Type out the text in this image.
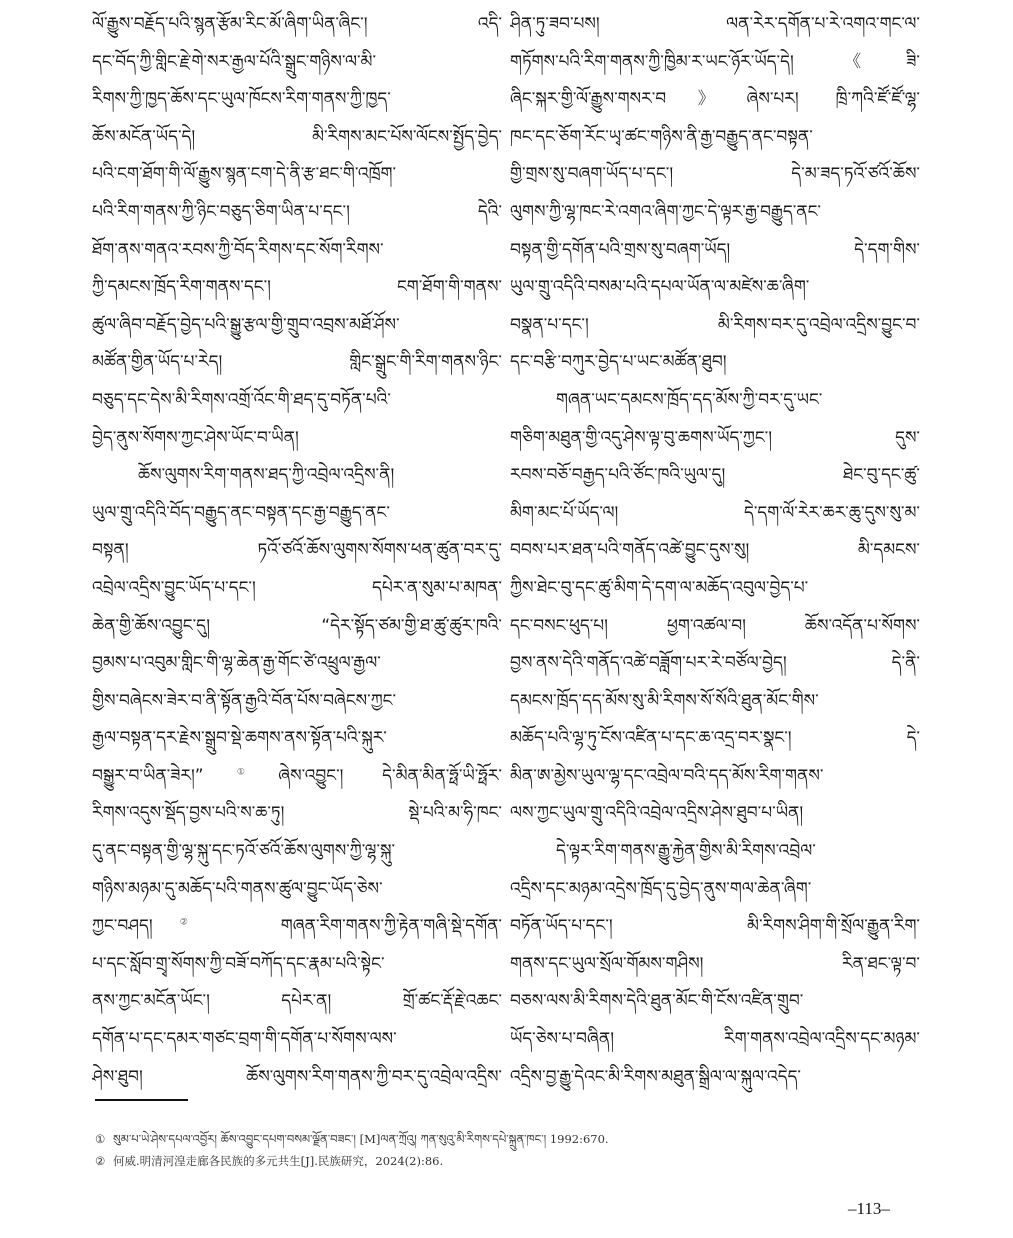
ལོ་རྒྱུས་བརྗོད་པའི་སྙན་རྩོམ་རིང་མོ་ཞིག་ཡིན་ཞིང་། འདི་
དང་བོད་ཀྱི་གླིང་རྗེ་གེ་སར་རྒྱལ་པོའི་སྒྲུང་གཉིས་ལ་མི་
རིགས་ཀྱི་ཁྱད་ཆོས་དང་ཡུལ་ཁོངས་རིག་གནས་ཀྱི་ཁྱད་
ཆོས་མངོན་ཡོད་དེ། མི་རིགས་མང་པོས་ལོངས་སྤྱོད་བྱེད་
པའི་ངག་ཐོག་གི་ལོ་རྒྱུས་སྙན་ངག་དེ་ནི་རྩ་ཐང་གི་འཁྲོག་
པའི་རིག་གནས་ཀྱི་ཉིང་བཅུད་ཅིག་ཡིན་པ་དང་། དེའི་
ཐོག་ནས་གནའ་རབས་ཀྱི་བོད་རིགས་དང་སོག་རིགས་
ཀྱི་དམངས་ཁྲོད་རིག་གནས་དང་། ངག་ཐོག་གི་གནས་
ཚུལ་ཞིབ་བརྗོད་བྱེད་པའི་སྒྱུ་རྩལ་གྱི་གྲུབ་འབྲས་མཐོ་ཤོས་
མཚོན་གྱིན་ཡོད་པ་རེད། གླིང་སྒྲུང་གི་རིག་གནས་ཉིང་
བཅུད་དང་དེས་མི་རིགས་འགྲོ་འོང་གི་ཐད་དུ་བཏོན་པའི་
བྱེད་ནུས་སོགས་ཀྱང་ཤེས་ཡོང་བ་ཡིན།
ཆོས་ལུགས་རིག་གནས་ཐད་ཀྱི་འབྲེལ་འདྲིས་ནི།
ཡུལ་གྲུ་འདིའི་བོད་བརྒྱུད་ནང་བསྟན་དང་རྒྱ་བརྒྱུད་ནང་
བསྟན། ཏའོ་ཙའོ་ཆོས་ལུགས་སོགས་ཕན་ཚུན་བར་དུ་
འབྲེལ་འདྲིས་བྱུང་ཡོད་པ་དང་། དཔེར་ན་སུམ་པ་མཁན་
ཆེན་གྱི་ཆོས་འབྱུང་དུ། “དེར་སྟོད་ཙམ་གྱི་ཐ་ཚུ་ཚུར་ཁའི་
བྱམས་པ་འབུམ་གླིང་གི་ལྷ་ཆེན་རྒྱ་གོང་ཙེ་འཕྲུལ་རྒྱལ་
གྱིས་བཞེངས་ཟེར་བ་ནི་སྟོན་རྒྱའི་བོན་པོས་བཞེངས་ཀྱང་
རྒྱལ་བསྟན་དར་རྗེས་སྒྲུབ་སྡེ་ཆགས་ནས་སྟོན་པའི་སྐུར་
བསྒྱུར་བ་ཡིན་ཟེར།”①ཞེས་འབྱུང་། དེ་མིན་མིན་ཧྥོ་ཡི་ཧྥོར་
རིགས་འདུས་སྡོད་བྱས་པའི་ས་ཆ་ཏུ། སྡེ་པའི་མ་ཧི་ཁང་
དུ་ནང་བསྟན་གྱི་ལྷ་སྐུ་དང་ཏའོ་ཙའོ་ཆོས་ལུགས་ཀྱི་ལྷ་སྐུ་
གཉིས་མཉམ་དུ་མཆོད་པའི་གནས་ཚུལ་བྱུང་ཡོད་ཅེས་
ཀྱང་བཤད།②	གཞན་རིག་གནས་ཀྱི་རྟེན་གཞི་སྡེ་དགོན་
པ་དང་སློབ་གྲྭ་སོགས་ཀྱི་བཟོ་བཀོད་དང་རྣམ་པའི་སྟེང་
ནས་ཀྱང་མངོན་ཡོང་། དཔེར་ན། གྲོ་ཚང་རྡོ་རྗེ་འཆང་
དགོན་པ་དང་དམར་གཙང་བྲག་གི་དགོན་པ་སོགས་ལས་
ཤེས་ཐུབ། ཆོས་ལུགས་རིག་གནས་ཀྱི་བར་དུ་འབྲེལ་འདྲིས་
ཤིན་ཏུ་ཟབ་པས། ལན་རེར་དགོན་པ་རེ་འགའ་གང་ལ་
གཏོགས་པའི་རིག་གནས་ཀྱི་ཁྱིམ་ར་ཡང་ཉོར་ཡོད་དེ། 《ཟི་
ཞིང་སྐར་གྱི་ལོ་རྒྱུས་གསར་བ》ཞེས་པར། ཁྲི་ཀའི་ཛོ་ཛོ་ལྷ་
ཁང་དང་ཅོག་རོང་ཡྭ་ཚང་གཉིས་ནི་རྒྱ་བརྒྱུད་ནང་བསྟན་
གྱི་གྲས་སུ་བཞག་ཡོད་པ་དང་། དེ་མ་ཟད་ཏའོ་ཙའོ་ཆོས་
ལུགས་ཀྱི་ལྷ་ཁང་རེ་འགའ་ཞིག་ཀྱང་དེ་ལྟར་རྒྱ་བརྒྱུད་ནང་
བསྟན་གྱི་དགོན་པའི་གྲས་སུ་བཞག་ཡོད། དེ་དག་གིས་
ཡུལ་གྲུ་འདིའི་བསམ་པའི་དཔལ་ཡོན་ལ་མཛེས་ཆ་ཞིག་
བསྣན་པ་དང་། མི་རིགས་བར་དུ་འབྲེལ་འདྲིས་བྱུང་བ་
དང་བརྩི་བཀུར་བྱེད་པ་ཡང་མཚོན་ཐུབ།
གཞན་ཡང་དམངས་ཁྲོད་དད་མོས་ཀྱི་བར་དུ་ཡང་
གཅིག་མཐུན་གྱི་འདུ་ཤེས་ལྟ་བུ་ཆགས་ཡོད་ཀྱང་། དུས་
རབས་བཅོ་བརྒྱད་པའི་ཙོང་ཁའི་ཡུལ་དུ། ཐེང་བུ་དང་ཚུ་
མིག་མང་པོ་ཡོད་ལ། དེ་དག་ལོ་རེར་ཆར་ཆུ་དུས་སུ་མ་
བབས་པར་ཐན་པའི་གནོད་འཚེ་བྱུང་དུས་སུ། མི་དམངས་
ཀྱིས་ཐེང་བུ་དང་ཚུ་མིག་དེ་དག་ལ་མཆོད་འབུལ་བྱེད་པ་
དང་བསང་ཕུད་པ། ཕྱག་འཚལ་བ། ཆོས་འདོན་པ་སོགས་
བྱས་ནས་དེའི་གནོད་འཚེ་བཟློག་པར་རེ་བཙོལ་བྱེད། དེ་ནི་
དམངས་ཁྲོད་དད་མོས་སུ་མི་རིགས་སོ་སོའི་ཐུན་མོང་གིས་
མཆོད་པའི་ལྷ་ཏུ་ངོས་འཛིན་པ་དང་ཆ་འདྲ་བར་སྣང་། དེ་
མིན་ཨ་མྱེས་ཡུལ་ལྷ་དང་འབྲེལ་བའི་དད་མོས་རིག་གནས་
ལས་ཀྱང་ཡུལ་གྲུ་འདིའི་འབྲེལ་འདྲིས་ཤེས་ཐུབ་པ་ཡིན།
དེ་ལྟར་རིག་གནས་རྒྱུ་རྐྱེན་གྱིས་མི་རིགས་འབྲེལ་
འདྲིས་དང་མཉམ་འདྲེས་ཁྲོད་དུ་བྱེད་ནུས་གལ་ཆེན་ཞིག་
བཏོན་ཡོད་པ་དང་། མི་རིགས་ཤིག་གི་སྲོལ་རྒྱུན་རིག་
གནས་དང་ཡུལ་སྲོལ་གོམས་གཤིས། རིན་ཐང་ལྟ་བ་
བཅས་ལས་མི་རིགས་དེའི་ཐུན་མོང་གི་ངོས་འཛིན་གྲུབ་
ཡོད་ཅེས་པ་བཞིན། རིག་གནས་འབྲེལ་འདྲིས་དང་མཉམ་
འདྲིས་བྱ་རྒྱུ་དེའང་མི་རིགས་མཐུན་སྒྲིལ་ལ་སྐུལ་འདེད་
① སུམ་པ་ཡེ་ཤེས་དཔལ་འབྱོར། ཆོས་འབྱུང་དཔག་བསམ་ལྗོན་བཟང་། [M]ལན་ཀྲོའུ། ཀན་སུའུ་མི་རིགས་དཔེ་སྐྲུན་ཁང་། 1992:670.
② 何威.明清河湟走廊各民族的多元共生[J].民族研究，2024(2):86.
–113–
